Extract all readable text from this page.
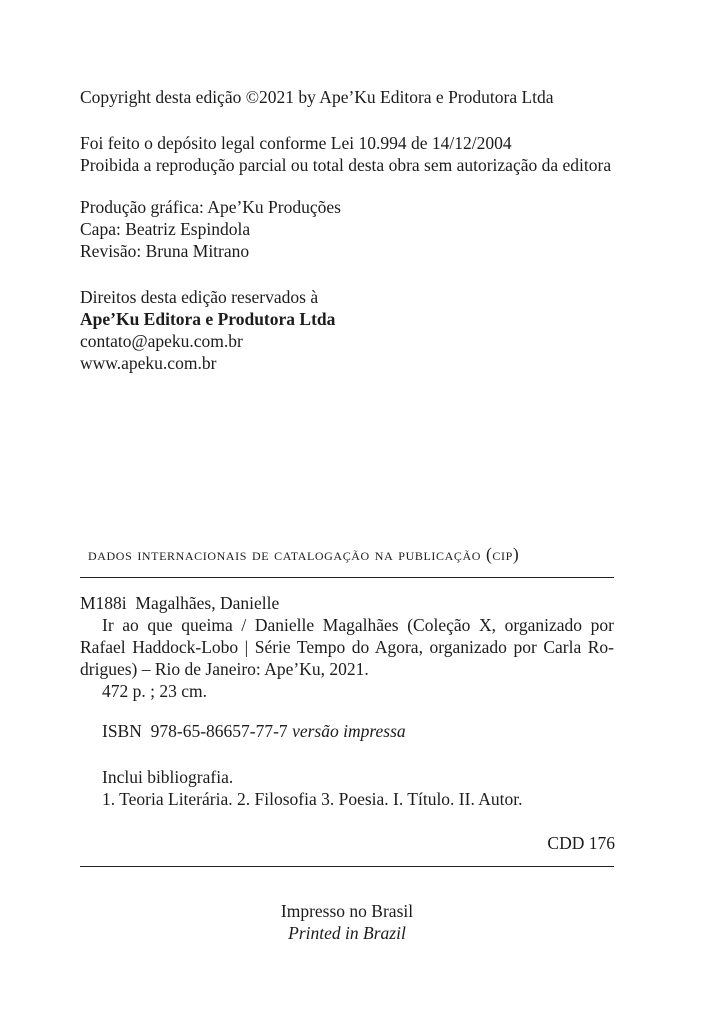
Copyright desta edição ©2021 by Ape’Ku Editora e Produtora Ltda
Foi feito o depósito legal conforme Lei 10.994 de 14/12/2004
Proibida a reprodução parcial ou total desta obra sem autorização da editora
Produção gráfica: Ape’Ku Produções
Capa: Beatriz Espindola
Revisão: Bruna Mitrano
Direitos desta edição reservados à
Ape’Ku Editora e Produtora Ltda
contato@apeku.com.br
www.apeku.com.br
dados internacionais de catalogação na publicação (cip)
M188i  Magalhães, Danielle
Ir ao que queima / Danielle Magalhães (Coleção X, organizado por
Rafael Haddock-Lobo | Série Tempo do Agora, organizado por Carla Ro-
drigues) – Rio de Janeiro: Ape’Ku, 2021.
472 p. ; 23 cm.
ISBN  978-65-86657-77-7 versão impressa
Inclui bibliografia.
1. Teoria Literária. 2. Filosofia 3. Poesia. I. Título. II. Autor.
CDD 176
Impresso no Brasil
Printed in Brazil
